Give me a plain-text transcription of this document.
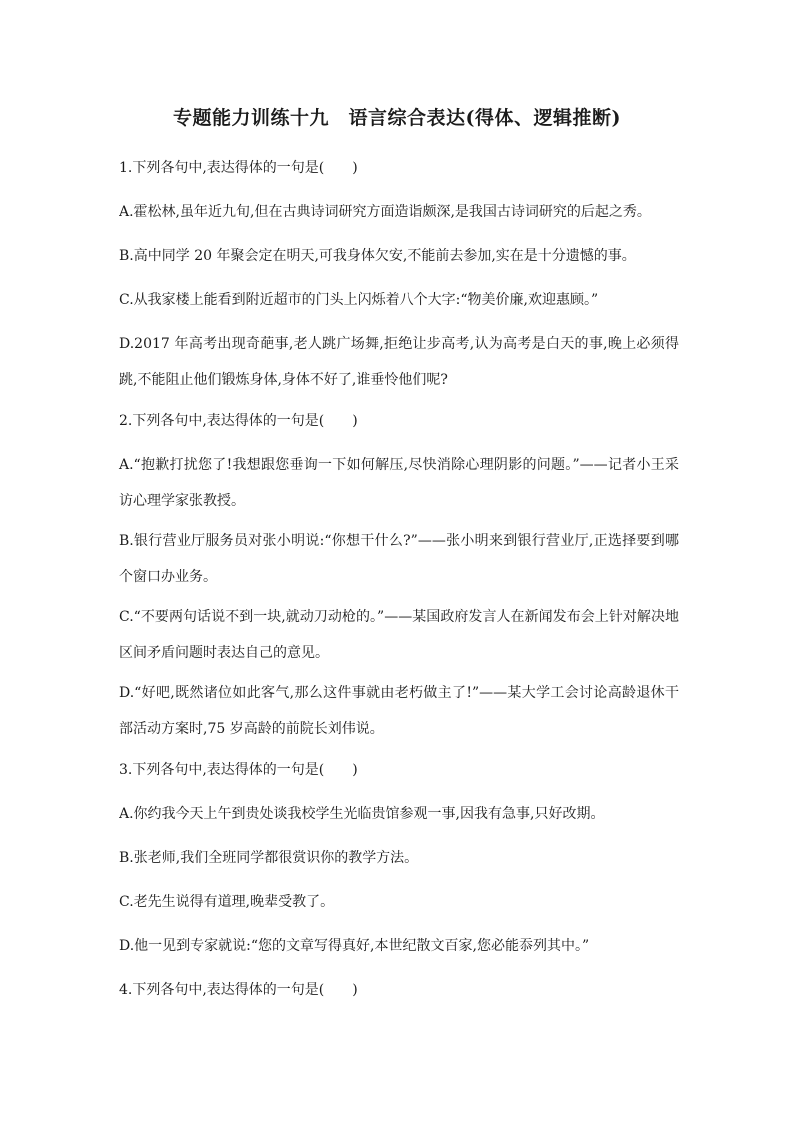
专题能力训练十九　语言综合表达(得体、逻辑推断)
1.下列各句中,表达得体的一句是(　　)
A.霍松林,虽年近九旬,但在古典诗词研究方面造诣颇深,是我国古诗词研究的后起之秀。
B.高中同学 20 年聚会定在明天,可我身体欠安,不能前去参加,实在是十分遗憾的事。
C.从我家楼上能看到附近超市的门头上闪烁着八个大字:“物美价廉,欢迎惠顾。”
D.2017 年高考出现奇葩事,老人跳广场舞,拒绝让步高考,认为高考是白天的事,晚上必须得跳,不能阻止他们锻炼身体,身体不好了,谁垂怜他们呢?
2.下列各句中,表达得体的一句是(　　)
A.“抱歉打扰您了!我想跟您垂询一下如何解压,尽快消除心理阴影的问题。”——记者小王采访心理学家张教授。
B.银行营业厅服务员对张小明说:“你想干什么?”——张小明来到银行营业厅,正选择要到哪个窗口办业务。
C.“不要两句话说不到一块,就动刀动枪的。”——某国政府发言人在新闻发布会上针对解决地区间矛盾问题时表达自己的意见。
D.“好吧,既然诸位如此客气,那么这件事就由老朽做主了!”——某大学工会讨论高龄退休干部活动方案时,75 岁高龄的前院长刘伟说。
3.下列各句中,表达得体的一句是(　　)
A.你约我今天上午到贵处谈我校学生光临贵馆参观一事,因我有急事,只好改期。
B.张老师,我们全班同学都很赏识你的教学方法。
C.老先生说得有道理,晚辈受教了。
D.他一见到专家就说:“您的文章写得真好,本世纪散文百家,您必能忝列其中。”
4.下列各句中,表达得体的一句是(　　)
